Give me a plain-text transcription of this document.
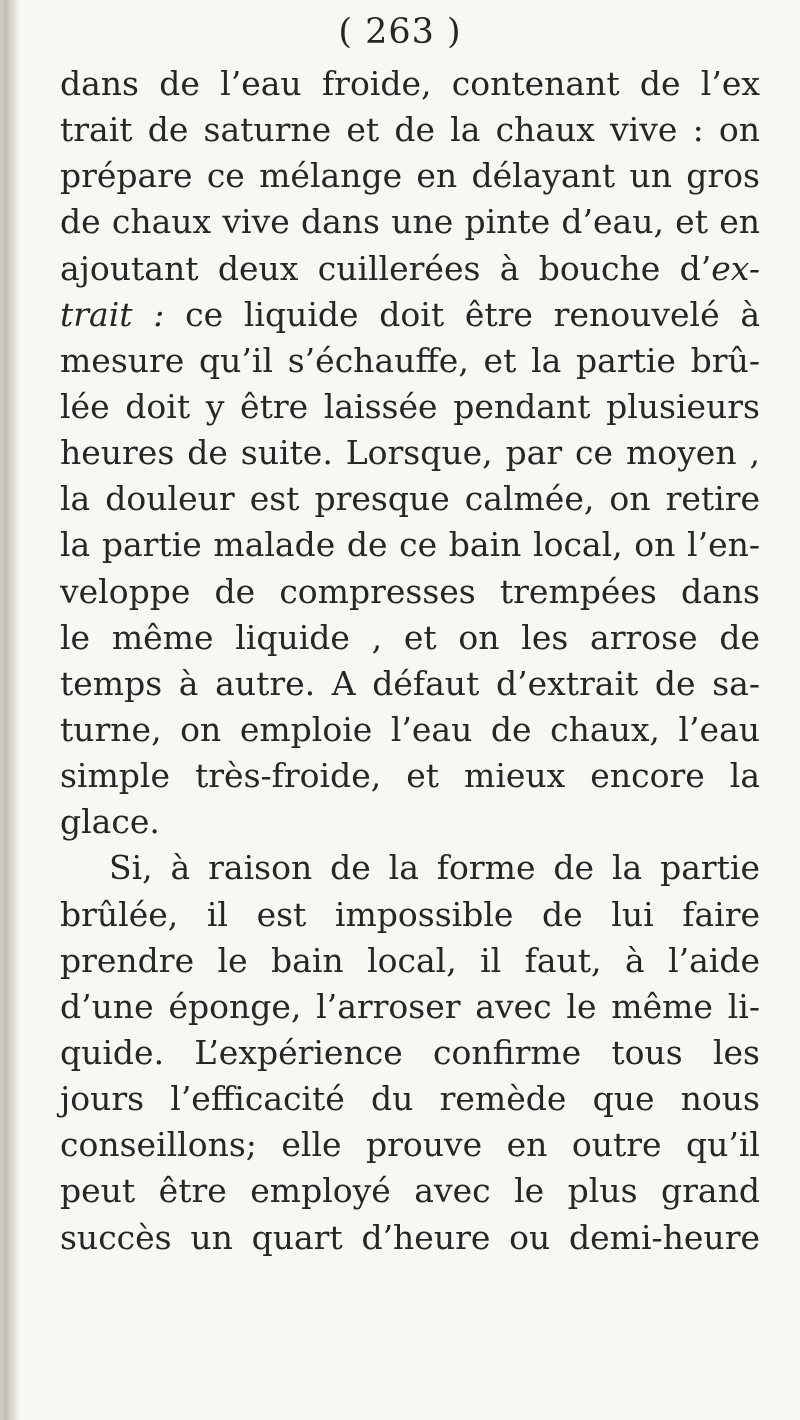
( 263 )
dans de l’eau froide, contenant de l’ex
trait de saturne et de la chaux vive : on
prépare ce mélange en délayant un gros
de chaux vive dans une pinte d’eau, et en
ajoutant deux cuillerées à bouche d’ex-
trait : ce liquide doit être renouvelé à
mesure qu’il s’échauffe, et la partie brû-
lée doit y être laissée pendant plusieurs
heures de suite. Lorsque, par ce moyen ,
la douleur est presque calmée, on retire
la partie malade de ce bain local, on l’en-
veloppe de compresses trempées dans
le même liquide , et on les arrose de
temps à autre. A défaut d’extrait de sa-
turne, on emploie l’eau de chaux, l’eau
simple très-froide, et mieux encore la
glace.
Si, à raison de la forme de la partie
brûlée, il est impossible de lui faire
prendre le bain local, il faut, à l’aide
d’une éponge, l’arroser avec le même li-
quide. L’expérience confirme tous les
jours l’efficacité du remède que nous
conseillons; elle prouve en outre qu’il
peut être employé avec le plus grand
succès un quart d’heure ou demi-heure
